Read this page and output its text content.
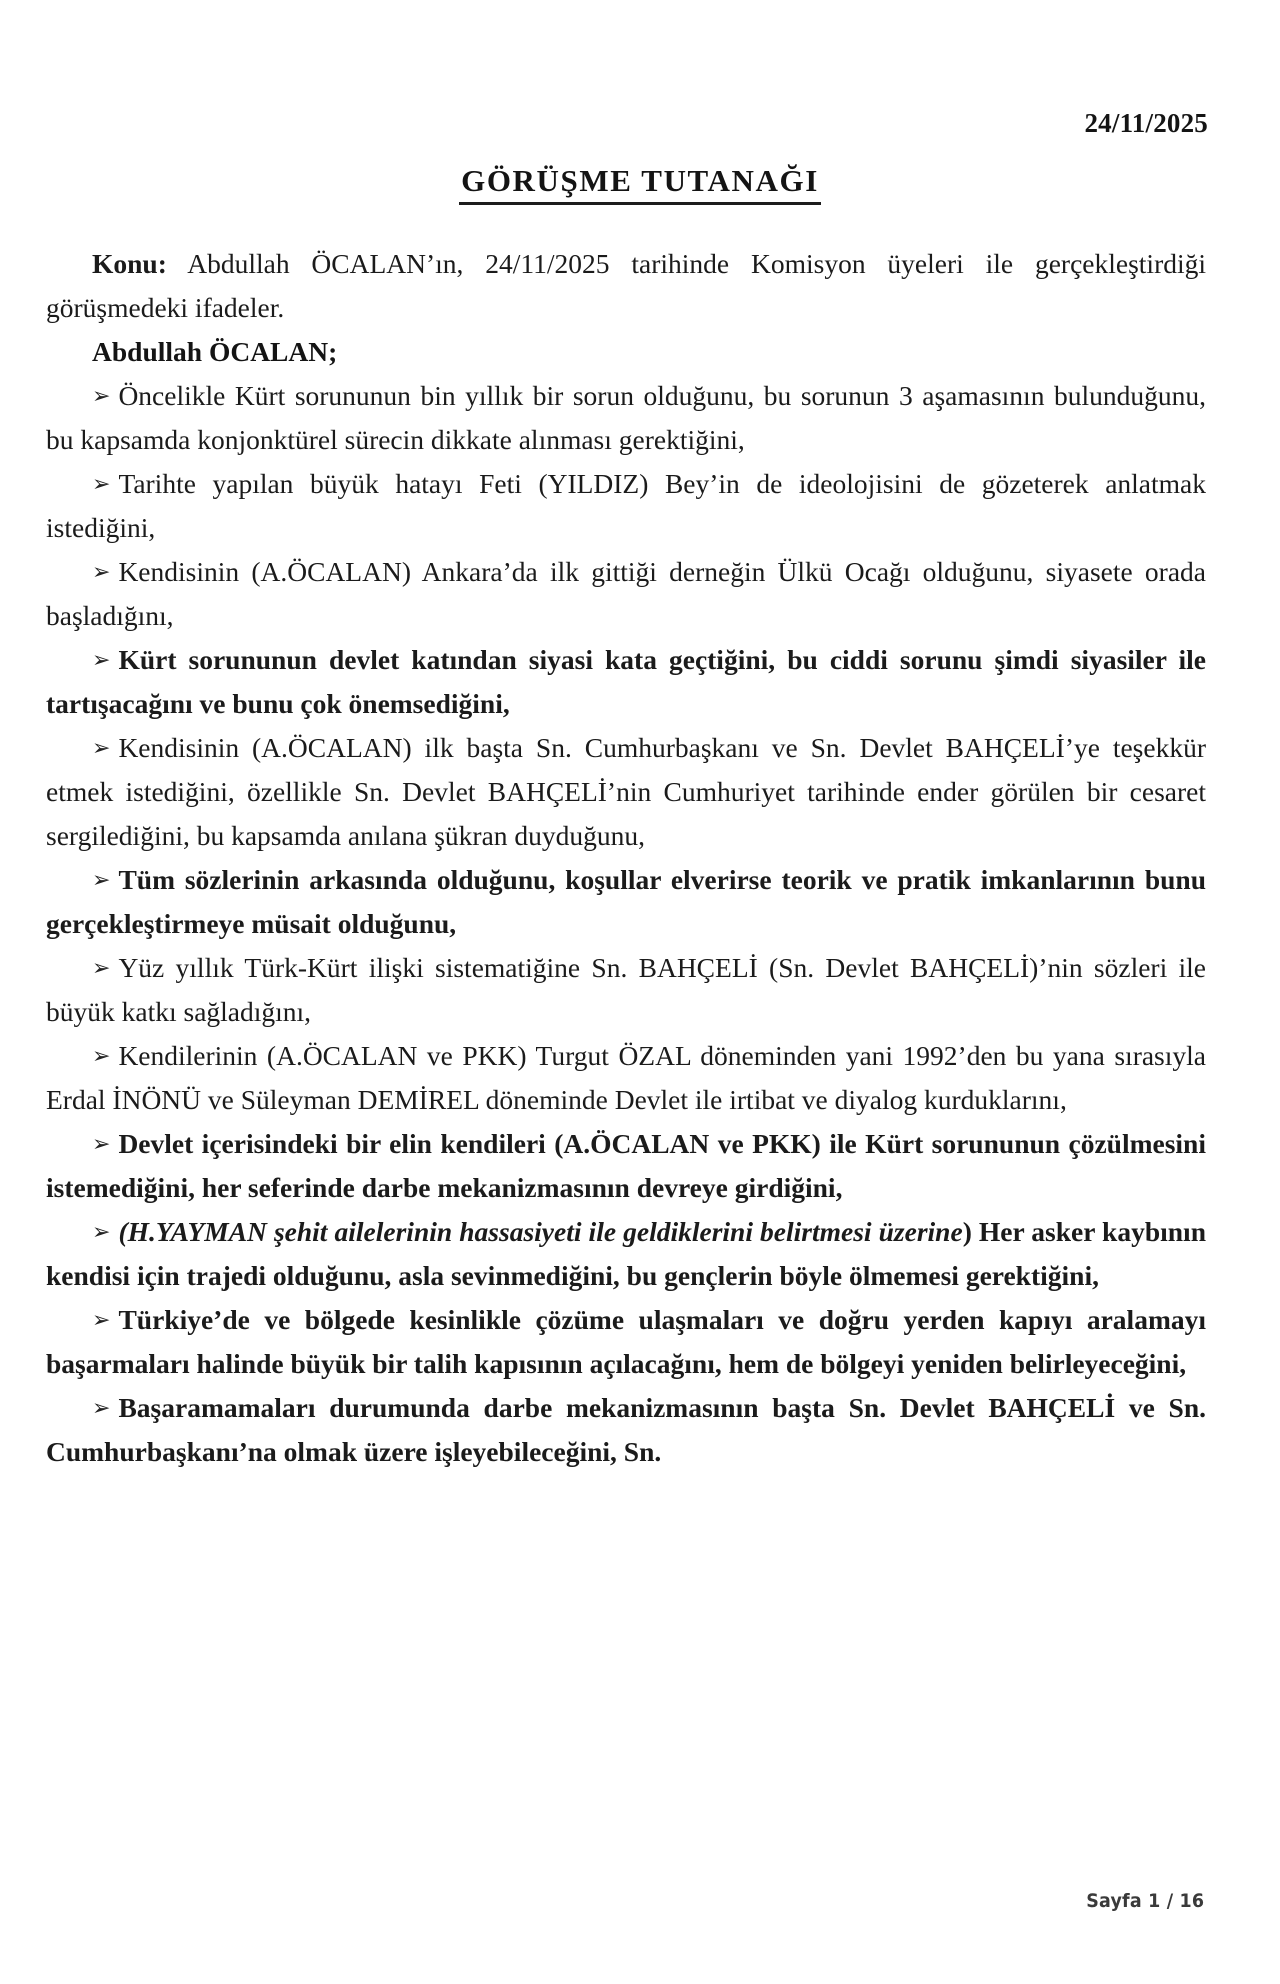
24/11/2025
GÖRÜŞME TUTANAĞI

Konu: Abdullah ÖCALAN’ın, 24/11/2025 tarihinde Komisyon üyeleri ile gerçekleştirdiği görüşmedeki ifadeler.

Abdullah ÖCALAN;

➢ Öncelikle Kürt sorununun bin yıllık bir sorun olduğunu, bu sorunun 3 aşamasının bulunduğunu, bu kapsamda konjonktürel sürecin dikkate alınması gerektiğini,

➢ Tarihte yapılan büyük hatayı Feti (YILDIZ) Bey’in de ideolojisini de gözeterek anlatmak istediğini,

➢ Kendisinin (A.ÖCALAN) Ankara’da ilk gittiği derneğin Ülkü Ocağı olduğunu, siyasete orada başladığını,

➢ Kürt sorununun devlet katından siyasi kata geçtiğini, bu ciddi sorunu şimdi siyasiler ile tartışacağını ve bunu çok önemsediğini,

➢ Kendisinin (A.ÖCALAN) ilk başta Sn. Cumhurbaşkanı ve Sn. Devlet BAHÇELİ’ye teşekkür etmek istediğini, özellikle Sn. Devlet BAHÇELİ’nin Cumhuriyet tarihinde ender görülen bir cesaret sergilediğini, bu kapsamda anılana şükran duyduğunu,

➢ Tüm sözlerinin arkasında olduğunu, koşullar elverirse teorik ve pratik imkanlarının bunu gerçekleştirmeye müsait olduğunu,

➢ Yüz yıllık Türk-Kürt ilişki sistematiğine Sn. BAHÇELİ (Sn. Devlet BAHÇELİ)’nin sözleri ile büyük katkı sağladığını,

➢ Kendilerinin (A.ÖCALAN ve PKK) Turgut ÖZAL döneminden yani 1992’den bu yana sırasıyla Erdal İNÖNÜ ve Süleyman DEMİREL döneminde Devlet ile irtibat ve diyalog kurduklarını,

➢ Devlet içerisindeki bir elin kendileri (A.ÖCALAN ve PKK) ile Kürt sorununun çözülmesini istemediğini, her seferinde darbe mekanizmasının devreye girdiğini,

➢ (H.YAYMAN şehit ailelerinin hassasiyeti ile geldiklerini belirtmesi üzerine) Her asker kaybının kendisi için trajedi olduğunu, asla sevinmediğini, bu gençlerin böyle ölmemesi gerektiğini,

➢ Türkiye’de ve bölgede kesinlikle çözüme ulaşmaları ve doğru yerden kapıyı aralamayı başarmaları halinde büyük bir talih kapısının açılacağını, hem de bölgeyi yeniden belirleyeceğini,

➢ Başaramamaları durumunda darbe mekanizmasının başta Sn. Devlet BAHÇELİ ve Sn. Cumhurbaşkanı’na olmak üzere işleyebileceğini, Sn.

Sayfa 1 / 16
